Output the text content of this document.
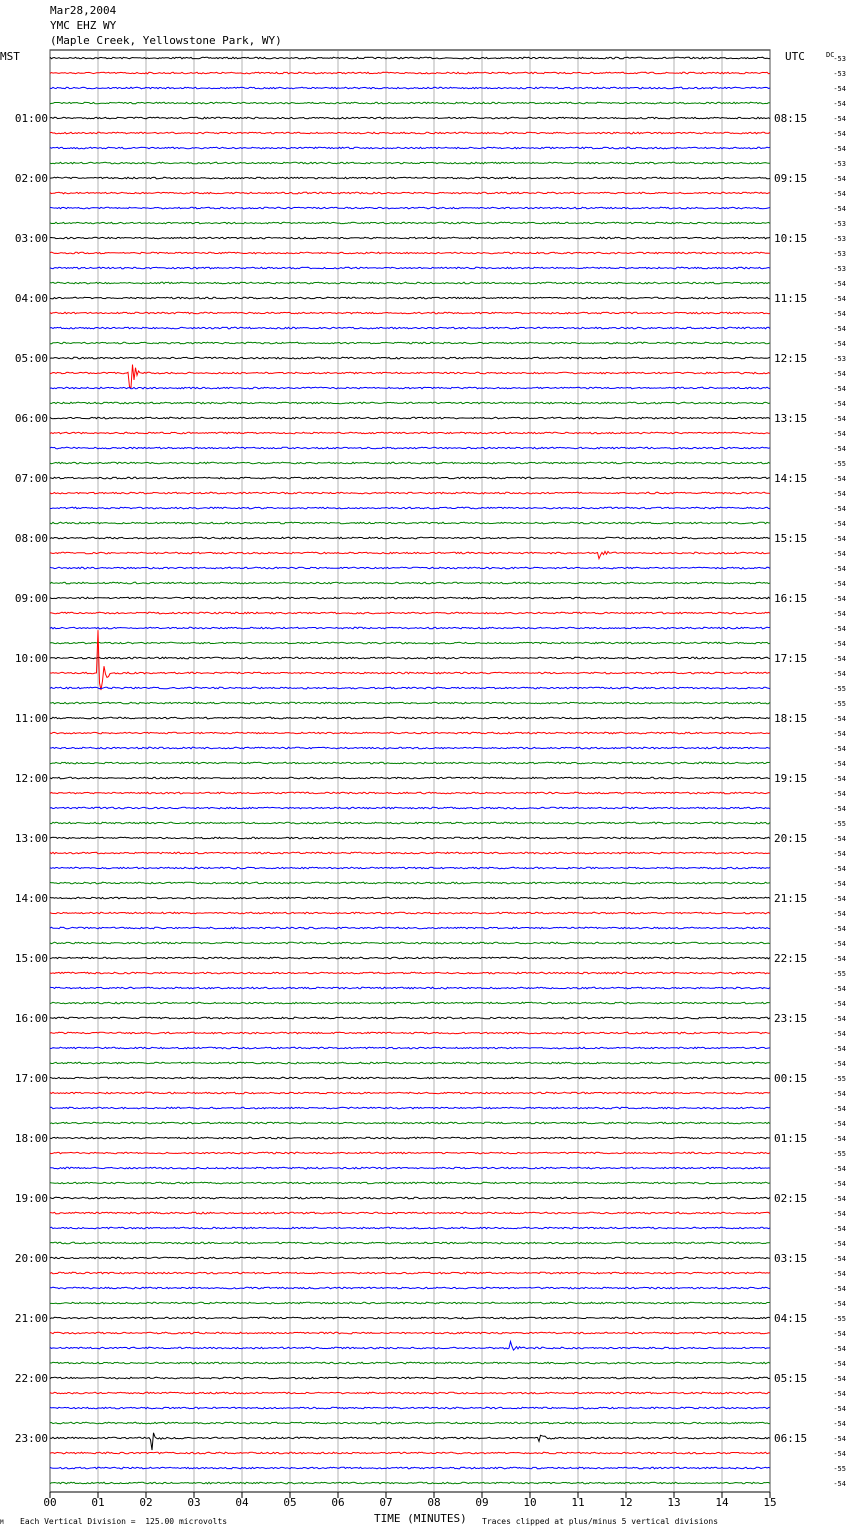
Mar28,2004
YMC EHZ WY
(Maple Creek, Yellowstone Park, WY)
MST	UTC	DC
00	01	02	03	04	05	06	07	08	09	10	11	12	13	14	15
-53
-53
-54
-54
-54
-54
-54
-53
-54
-54
-54
-53
-53
-53
-53
-54
-54
-54
-54
-54
-53
-54
-54
-54
-54
-54
-54
-55
-54
-54
-54
-54
-54
-54
-54
-54
-54
-54
-54
-54
-54
-54
-55
-55
-54
-54
-54
-54
-54
-54
-54
-55
-54
-54
-54
-54
-54
-54
-54
-54
-54
-55
-54
-54
-54
-54
-54
-54
-55
-54
-54
-54
-54
-55
-54
-54
-54
-54
-54
-54
-54
-54
-54
-54
-55
-54
-54
-54
-54
-54
-54
-54
-54
-54
-55
-54
01:00
02:00
03:00
04:00
05:00
06:00
07:00
08:00
09:00
10:00
11:00
12:00
13:00
14:00
15:00
16:00
17:00
18:00
19:00
20:00
21:00
22:00
23:00
08:15
09:15
10:15
11:15
12:15
13:15
14:15
15:15
16:15
17:15
18:15
19:15
20:15
21:15
22:15
23:15
00:15
01:15
02:15
03:15
04:15
05:15
06:15
M Each Vertical Division =  125.00 microvolts	TIME (MINUTES) Traces clipped at plus/minus 5 vertical divisions
